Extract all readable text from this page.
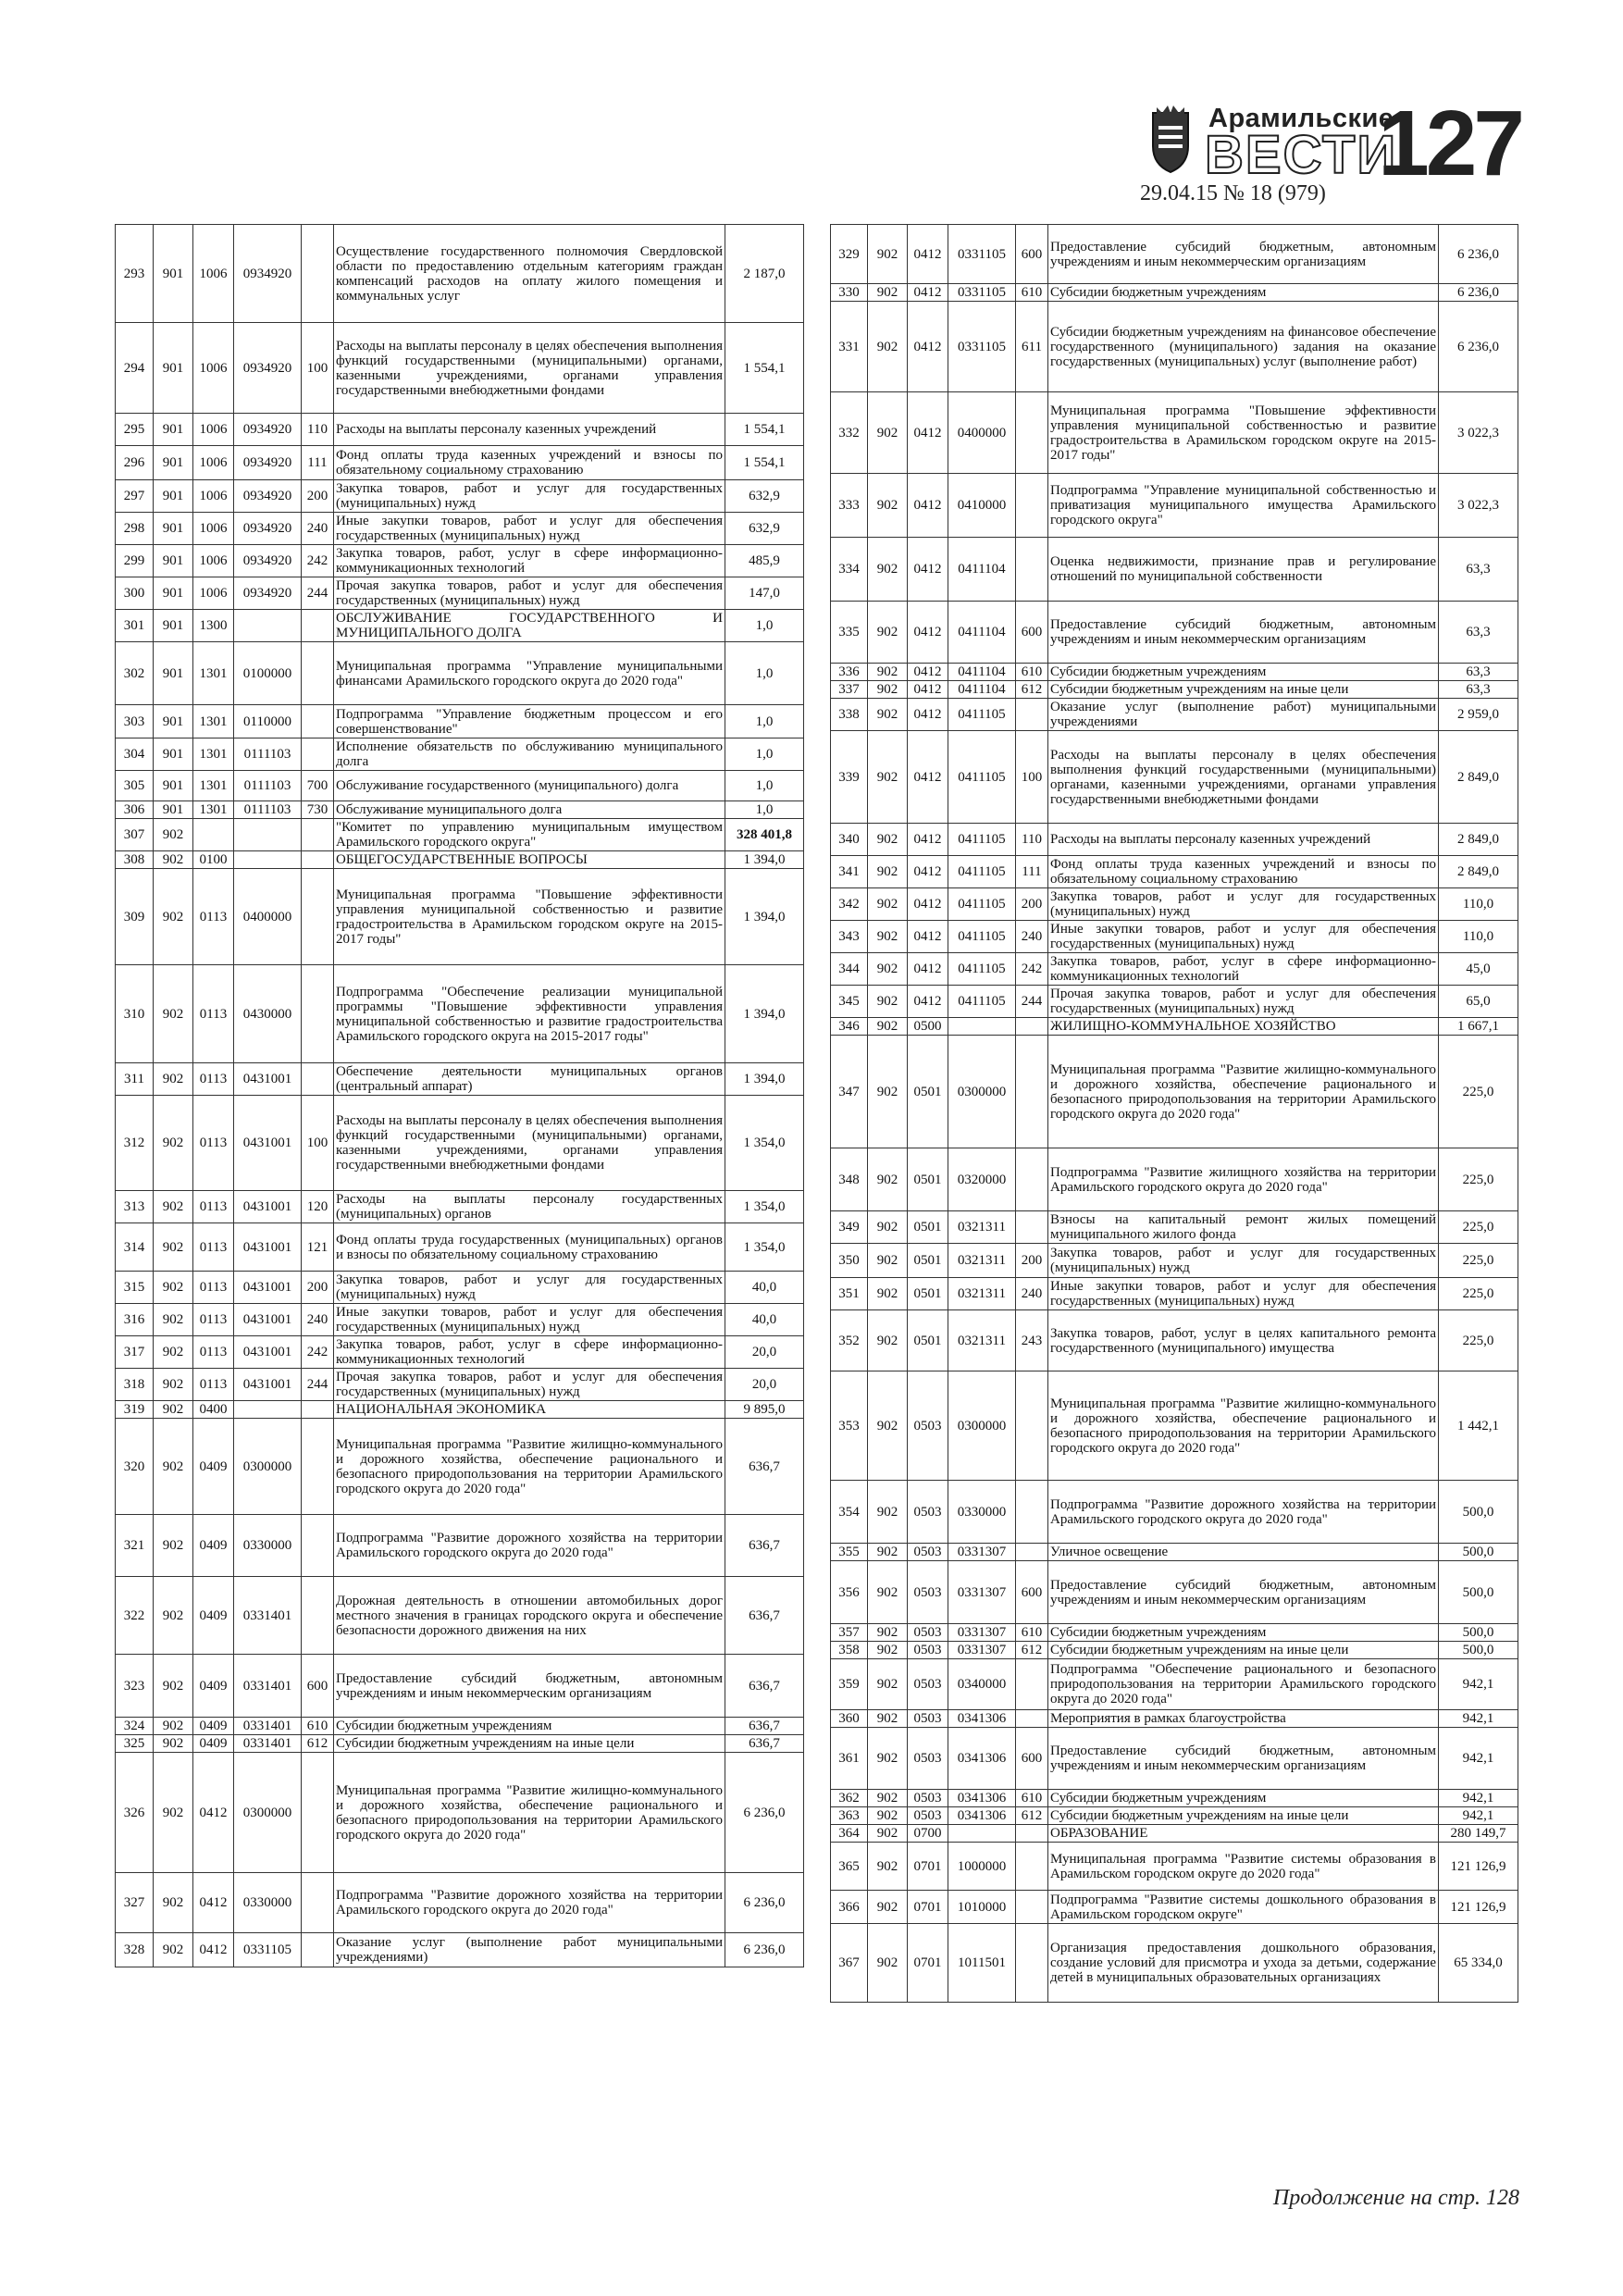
Арамильские
ВЕСТИ
127
29.04.15 № 18 (979)
293	901	1006	0934920		Осуществление государственного полномочия Свердловской области по предоставлению отдельным категориям граждан компенсаций расходов на оплату жилого помещения и коммунальных услуг	2 187,0
294	901	1006	0934920	100	Расходы на выплаты персоналу в целях обеспечения выполнения функций государственными (муниципальными) органами, казенными учреждениями, органами управления государственными внебюджетными фондами	1 554,1
295	901	1006	0934920	110	Расходы на выплаты персоналу казенных учреждений	1 554,1
296	901	1006	0934920	111	Фонд оплаты труда казенных учреждений и взносы по обязательному социальному страхованию	1 554,1
297	901	1006	0934920	200	Закупка товаров, работ и услуг для государственных (муниципальных) нужд	632,9
298	901	1006	0934920	240	Иные закупки товаров, работ и услуг для обеспечения государственных (муниципальных) нужд	632,9
299	901	1006	0934920	242	Закупка товаров, работ, услуг в сфере информационно-коммуникационных технологий	485,9
300	901	1006	0934920	244	Прочая закупка товаров, работ и услуг для обеспечения государственных (муниципальных) нужд	147,0
301	901	1300			ОБСЛУЖИВАНИЕ ГОСУДАРСТВЕННОГО И МУНИЦИПАЛЬНОГО ДОЛГА	1,0
302	901	1301	0100000		Муниципальная программа "Управление муниципальными финансами Арамильского городского округа до 2020 года"	1,0
303	901	1301	0110000		Подпрограмма "Управление бюджетным процессом и его совершенствование"	1,0
304	901	1301	0111103		Исполнение обязательств по обслуживанию муниципального долга	1,0
305	901	1301	0111103	700	Обслуживание государственного (муниципального) долга	1,0
306	901	1301	0111103	730	Обслуживание муниципального долга	1,0
307	902				"Комитет по управлению муниципальным имуществом Арамильского городского округа"	328 401,8
308	902	0100			ОБЩЕГОСУДАРСТВЕННЫЕ ВОПРОСЫ	1 394,0
309	902	0113	0400000		Муниципальная программа "Повышение эффективности управления муниципальной собственностью и развитие градостроительства в Арамильском городском округе на 2015-2017 годы"	1 394,0
310	902	0113	0430000		Подпрограмма "Обеспечение реализации муниципальной программы "Повышение эффективности управления муниципальной собственностью и развитие градостроительства Арамильского городского округа на 2015-2017 годы"	1 394,0
311	902	0113	0431001		Обеспечение деятельности муниципальных органов (центральный аппарат)	1 394,0
312	902	0113	0431001	100	Расходы на выплаты персоналу в целях обеспечения выполнения функций государственными (муниципальными) органами, казенными учреждениями, органами управления государственными внебюджетными фондами	1 354,0
313	902	0113	0431001	120	Расходы на выплаты персоналу государственных (муниципальных) органов	1 354,0
314	902	0113	0431001	121	Фонд оплаты труда государственных (муниципальных) органов и взносы по обязательному социальному страхованию	1 354,0
315	902	0113	0431001	200	Закупка товаров, работ и услуг для государственных (муниципальных) нужд	40,0
316	902	0113	0431001	240	Иные закупки товаров, работ и услуг для обеспечения государственных (муниципальных) нужд	40,0
317	902	0113	0431001	242	Закупка товаров, работ, услуг в сфере информационно-коммуникационных технологий	20,0
318	902	0113	0431001	244	Прочая закупка товаров, работ и услуг для обеспечения государственных (муниципальных) нужд	20,0
319	902	0400			НАЦИОНАЛЬНАЯ ЭКОНОМИКА	9 895,0
320	902	0409	0300000		Муниципальная программа "Развитие жилищно-коммунального и дорожного хозяйства, обеспечение рационального и безопасного природопользования на территории Арамильского городского округа до 2020 года"	636,7
321	902	0409	0330000		Подпрограмма "Развитие дорожного хозяйства на территории Арамильского городского округа до 2020 года"	636,7
322	902	0409	0331401		Дорожная деятельность в отношении автомобильных дорог местного значения в границах городского округа и обеспечение безопасности дорожного движения на них	636,7
323	902	0409	0331401	600	Предоставление субсидий бюджетным, автономным учреждениям и иным некоммерческим организациям	636,7
324	902	0409	0331401	610	Субсидии бюджетным учреждениям	636,7
325	902	0409	0331401	612	Субсидии бюджетным учреждениям на иные цели	636,7
326	902	0412	0300000		Муниципальная программа "Развитие жилищно-коммунального и дорожного хозяйства, обеспечение рационального и безопасного природопользования на территории Арамильского городского округа до 2020 года"	6 236,0
327	902	0412	0330000		Подпрограмма "Развитие дорожного хозяйства на территории Арамильского городского округа до 2020 года"	6 236,0
328	902	0412	0331105		Оказание услуг (выполнение работ муниципальными учреждениями)	6 236,0
329	902	0412	0331105	600	Предоставление субсидий бюджетным, автономным учреждениям и иным некоммерческим организациям	6 236,0
330	902	0412	0331105	610	Субсидии бюджетным учреждениям	6 236,0
331	902	0412	0331105	611	Субсидии бюджетным учреждениям на финансовое обеспечение государственного (муниципального) задания на оказание государственных (муниципальных) услуг (выполнение работ)	6 236,0
332	902	0412	0400000		Муниципальная программа "Повышение эффективности управления муниципальной собственностью и развитие градостроительства в Арамильском городском округе на 2015-2017 годы"	3 022,3
333	902	0412	0410000		Подпрограмма "Управление муниципальной собственностью и приватизация муниципального имущества Арамильского городского округа"	3 022,3
334	902	0412	0411104		Оценка недвижимости, признание прав и регулирование отношений по муниципальной собственности	63,3
335	902	0412	0411104	600	Предоставление субсидий бюджетным, автономным учреждениям и иным некоммерческим организациям	63,3
336	902	0412	0411104	610	Субсидии бюджетным учреждениям	63,3
337	902	0412	0411104	612	Субсидии бюджетным учреждениям на иные цели	63,3
338	902	0412	0411105		Оказание услуг (выполнение работ) муниципальными учреждениями	2 959,0
339	902	0412	0411105	100	Расходы на выплаты персоналу в целях обеспечения выполнения функций государственными (муниципальными) органами, казенными учреждениями, органами управления государственными внебюджетными фондами	2 849,0
340	902	0412	0411105	110	Расходы на выплаты персоналу казенных учреждений	2 849,0
341	902	0412	0411105	111	Фонд оплаты труда казенных учреждений и взносы по обязательному социальному страхованию	2 849,0
342	902	0412	0411105	200	Закупка товаров, работ и услуг для государственных (муниципальных) нужд	110,0
343	902	0412	0411105	240	Иные закупки товаров, работ и услуг для обеспечения государственных (муниципальных) нужд	110,0
344	902	0412	0411105	242	Закупка товаров, работ, услуг в сфере информационно-коммуникационных технологий	45,0
345	902	0412	0411105	244	Прочая закупка товаров, работ и услуг для обеспечения государственных (муниципальных) нужд	65,0
346	902	0500			ЖИЛИЩНО-КОММУНАЛЬНОЕ ХОЗЯЙСТВО	1 667,1
347	902	0501	0300000		Муниципальная программа "Развитие жилищно-коммунального и дорожного хозяйства, обеспечение рационального и безопасного природопользования на территории Арамильского городского округа до 2020 года"	225,0
348	902	0501	0320000		Подпрограмма "Развитие жилищного хозяйства на территории Арамильского городского округа до 2020 года"	225,0
349	902	0501	0321311		Взносы на капитальный ремонт жилых помещений муниципального жилого фонда	225,0
350	902	0501	0321311	200	Закупка товаров, работ и услуг для государственных (муниципальных) нужд	225,0
351	902	0501	0321311	240	Иные закупки товаров, работ и услуг для обеспечения государственных (муниципальных) нужд	225,0
352	902	0501	0321311	243	Закупка товаров, работ, услуг в целях капитального ремонта государственного (муниципального) имущества	225,0
353	902	0503	0300000		Муниципальная программа "Развитие жилищно-коммунального и дорожного хозяйства, обеспечение рационального и безопасного природопользования на территории Арамильского городского округа до 2020 года"	1 442,1
354	902	0503	0330000		Подпрограмма "Развитие дорожного хозяйства на территории Арамильского городского округа до 2020 года"	500,0
355	902	0503	0331307		Уличное освещение	500,0
356	902	0503	0331307	600	Предоставление субсидий бюджетным, автономным учреждениям и иным некоммерческим организациям	500,0
357	902	0503	0331307	610	Субсидии бюджетным учреждениям	500,0
358	902	0503	0331307	612	Субсидии бюджетным учреждениям на иные цели	500,0
359	902	0503	0340000		Подпрограмма "Обеспечение рационального и безопасного природопользования на территории Арамильского городского округа до 2020 года"	942,1
360	902	0503	0341306		Мероприятия в рамках благоустройства	942,1
361	902	0503	0341306	600	Предоставление субсидий бюджетным, автономным учреждениям и иным некоммерческим организациям	942,1
362	902	0503	0341306	610	Субсидии бюджетным учреждениям	942,1
363	902	0503	0341306	612	Субсидии бюджетным учреждениям на иные цели	942,1
364	902	0700			ОБРАЗОВАНИЕ	280 149,7
365	902	0701	1000000		Муниципальная программа "Развитие системы образования в Арамильском городском округе до 2020 года"	121 126,9
366	902	0701	1010000		Подпрограмма "Развитие системы дошкольного образования в Арамильском городском округе"	121 126,9
367	902	0701	1011501		Организация предоставления дошкольного образования, создание условий для присмотра и ухода за детьми, содержание детей в муниципальных образовательных организациях	65 334,0
Продолжение на стр. 128
